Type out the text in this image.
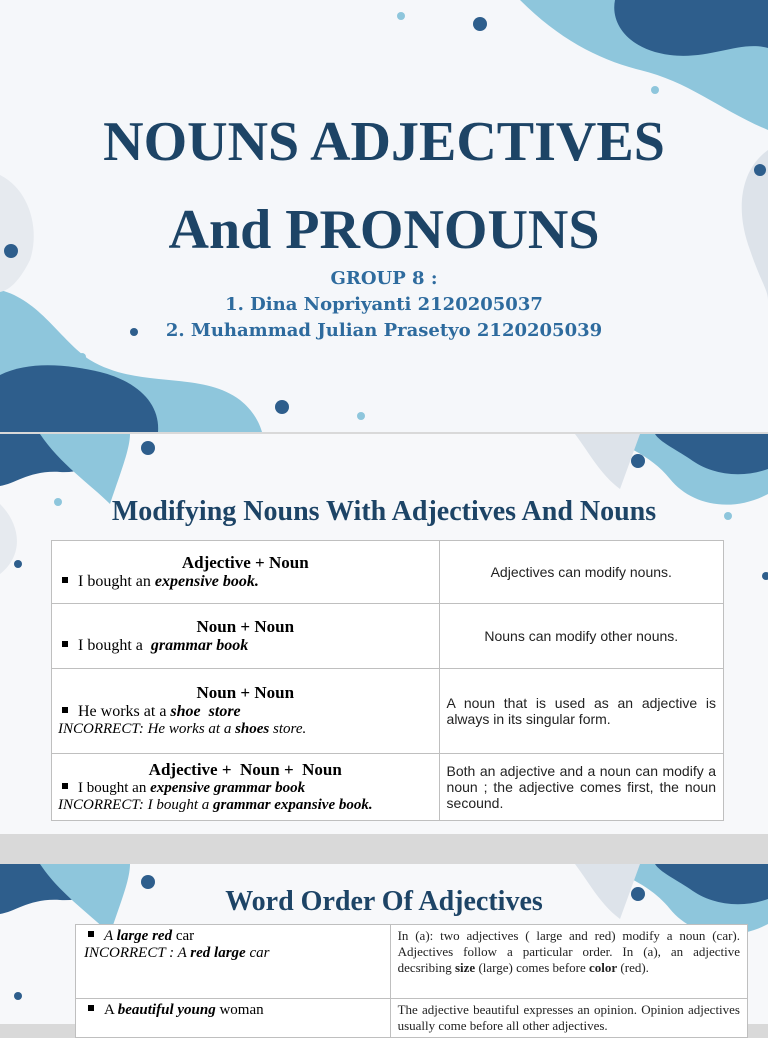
NOUNS ADJECTIVES
And PRONOUNS
GROUP 8 :
1. Dina Nopriyanti 2120205037
2. Muhammad Julian Prasetyo 2120205039
Modifying Nouns With Adjectives And Nouns
Adjective + Noun
I bought an expensive book.	Adjectives can modify nouns.

Noun + Noun
I bought a  grammar book	Nouns can modify other nouns.

Noun + Noun
He works at a shoe  store
INCORRECT: He works at a shoes store.	A noun that is used as an adjective is always in its singular form.

Adjective +  Noun +  Noun
I bought an expensive grammar book
INCORRECT: I bought a grammar expansive book.	Both an adjective and a noun can modify a noun ; the adjective comes first, the noun secound.
Word Order Of Adjectives
A large red car
INCORRECT : A red large car	In (a): two adjectives ( large and red) modify a noun (car). Adjectives follow a particular order. In (a), an adjective decsribing size (large) comes before color (red).

A beautiful young woman	The adjective beautiful expresses an opinion. Opinion adjectives usually come before all other adjectives.
